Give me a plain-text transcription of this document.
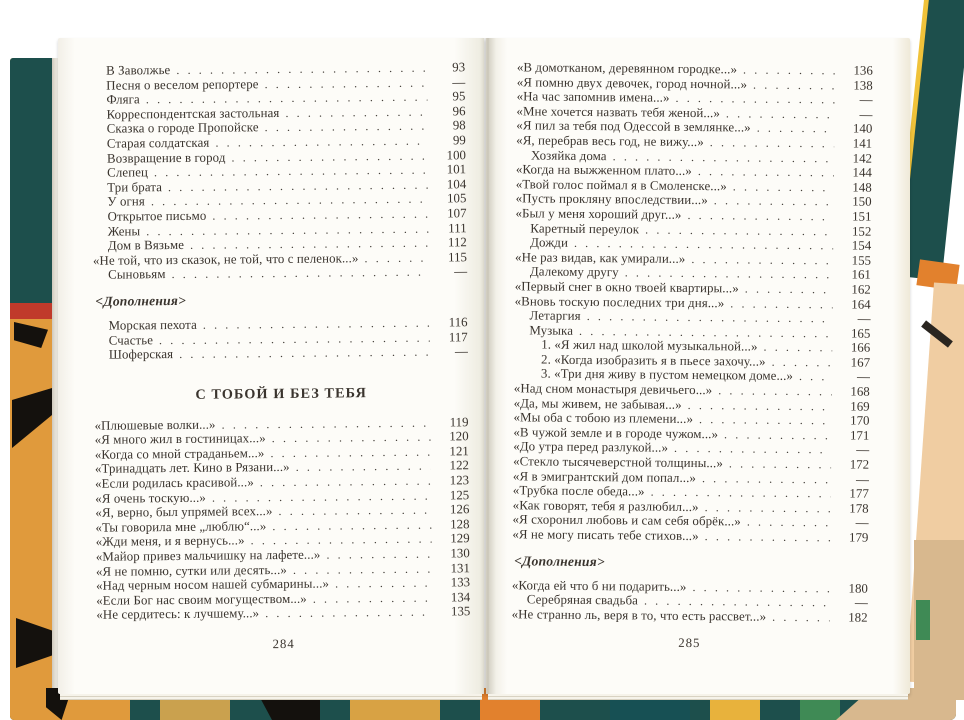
В Заволжье . . .	93
Песня о веселом репортере . . .	—
Фляга . . .	95
Корреспондентская застольная . . .	96
Сказка о городе Пропойске . . .	98
Старая солдатская . . .	99
Возвращение в город . . .	100
Слепец . . .	101
Три брата . . .	104
У огня . . .	105
Открытое письмо . . .	107
Жены . . .	111
Дом в Вязьме . . .	112
«Не той, что из сказок, не той, что с пеленок...» . . .	115
Сыновьям . . .	—
<Дополнения>
Морская пехота . . .	116
Счастье . . .	117
Шоферская . . .	—
С ТОБОЙ И БЕЗ ТЕБЯ
«Плюшевые волки...» . . .	119
«Я много жил в гостиницах...» . . .	120
«Когда со мной страданьем...» . . .	121
«Тринадцать лет. Кино в Рязани...» . . .	122
«Если родилась красивой...» . . .	123
«Я очень тоскую...» . . .	125
«Я, верно, был упрямей всех...» . . .	126
«Ты говорила мне „люблю“...» . . .	128
«Жди меня, и я вернусь...» . . .	129
«Майор привез мальчишку на лафете...» . . .	130
«Я не помню, сутки или десять...» . . .	131
«Над черным носом нашей субмарины...» . . .	133
«Если Бог нас своим могуществом...» . . .	134
«Не сердитесь: к лучшему...» . . .	135
284
«В домотканом, деревянном городке...» . . .	136
«Я помню двух девочек, город ночной...» . . .	138
«На час запомнив имена...» . . .	—
«Мне хочется назвать тебя женой...» . . .	—
«Я пил за тебя под Одессой в землянке...» . . .	140
«Я, перебрав весь год, не вижу...» . . .	141
Хозяйка дома . . .	142
«Когда на выжженном плато...» . . .	144
«Твой голос поймал я в Смоленске...» . . .	148
«Пусть прокляну впоследствии...» . . .	150
«Был у меня хороший друг...» . . .	151
Каретный переулок . . .	152
Дожди . . .	154
«Не раз видав, как умирали...» . . .	155
Далекому другу . . .	161
«Первый снег в окно твоей квартиры...» . . .	162
«Вновь тоскую последних три дня...» . . .	164
Летаргия . . .	—
Музыка . . .	165
1. «Я жил над школой музыкальной...» . . .	166
2. «Когда изобразить я в пьесе захочу...» . . .	167
3. «Три дня живу в пустом немецком доме...» . . .	—
«Над сном монастыря девичьего...» . . .	168
«Да, мы живем, не забывая...» . . .	169
«Мы оба с тобою из племени...» . . .	170
«В чужой земле и в городе чужом...» . . .	171
«До утра перед разлукой...» . . .	—
«Стекло тысячеверстной толщины...» . . .	172
«Я в эмигрантский дом попал...» . . .	—
«Трубка после обеда...» . . .	177
«Как говорят, тебя я разлюбил...» . . .	178
«Я схоронил любовь и сам себя обрёк...» . . .	—
«Я не могу писать тебе стихов...» . . .	179
<Дополнения>
«Когда ей что б ни подарить...» . . .	180
Серебряная свадьба . . .	—
«Не странно ль, веря в то, что есть рассвет...» . . .	182
285
